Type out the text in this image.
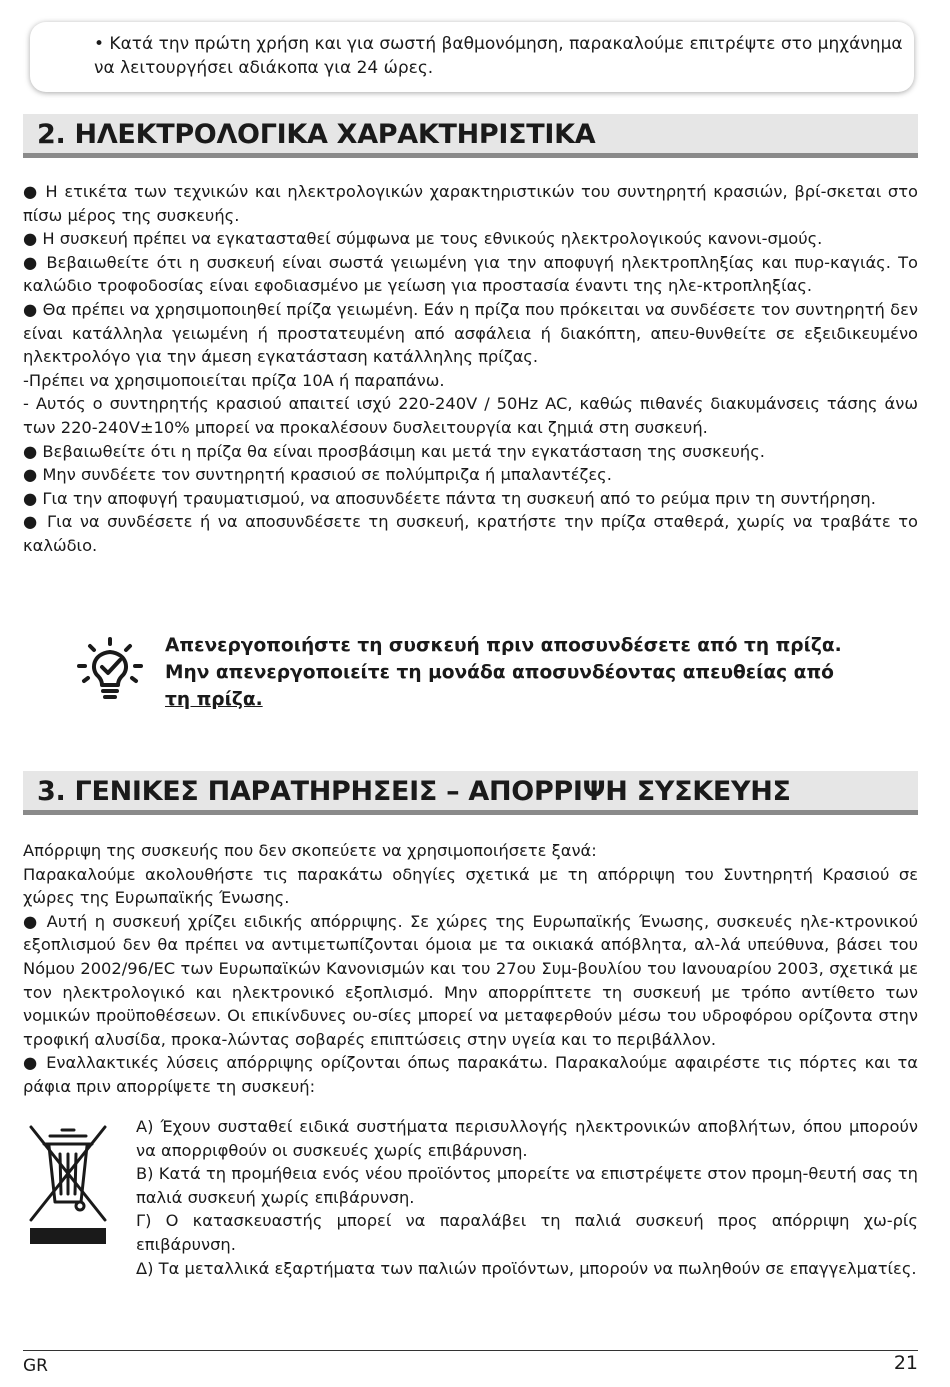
• Κατά την πρώτη χρήση και για σωστή βαθμονόμηση, παρακαλούμε επιτρέψτε στο μηχάνημα να λειτουργήσει αδιάκοπα για 24 ώρες.

2. ΗΛΕΚΤΡΟΛΟΓΙΚΑ ΧΑΡΑΚΤΗΡΙΣΤΙΚΑ

● Η ετικέτα των τεχνικών και ηλεκτρολογικών χαρακτηριστικών του συντηρητή κρασιών, βρί-σκεται στο πίσω μέρος της συσκευής.

● Η συσκευή πρέπει να εγκατασταθεί σύμφωνα με τους εθνικούς ηλεκτρολογικούς κανονι-σμούς.

● Βεβαιωθείτε ότι η συσκευή είναι σωστά γειωμένη για την αποφυγή ηλεκτροπληξίας και πυρ-καγιάς. Το καλώδιο τροφοδοσίας είναι εφοδιασμένο με γείωση για προστασία έναντι της ηλε-κτροπληξίας.

● Θα πρέπει να χρησιμοποιηθεί πρίζα γειωμένη. Εάν η πρίζα που πρόκειται να συνδέσετε τον συντηρητή δεν είναι κατάλληλα γειωμένη ή προστατευμένη από ασφάλεια ή διακόπτη, απευ-θυνθείτε σε εξειδικευμένο ηλεκτρολόγο για την άμεση εγκατάσταση κατάλληλης πρίζας.

-Πρέπει να χρησιμοποιείται πρίζα 10A ή παραπάνω.

- Αυτός ο συντηρητής κρασιού απαιτεί ισχύ 220-240V / 50Hz AC, καθώς πιθανές διακυμάνσεις τάσης άνω των 220-240V±10% μπορεί να προκαλέσουν δυσλειτουργία και ζημιά στη συσκευή.

● Βεβαιωθείτε ότι η πρίζα θα είναι προσβάσιμη και μετά την εγκατάσταση της συσκευής.

● Μην συνδέετε τον συντηρητή κρασιού σε πολύμπριζα ή μπαλαντέζες.

● Για την αποφυγή τραυματισμού, να αποσυνδέετε πάντα τη συσκευή από το ρεύμα πριν τη συντήρηση.

● Για να συνδέσετε ή να αποσυνδέσετε τη συσκευή, κρατήστε την πρίζα σταθερά, χωρίς να τραβάτε το καλώδιο.

Απενεργοποιήστε τη συσκευή πριν αποσυνδέσετε από τη πρίζα.
Μην απενεργοποιείτε τη μονάδα αποσυνδέοντας απευθείας από
τη πρίζα.
3. ΓΕΝΙΚΕΣ ΠΑΡΑΤΗΡΗΣΕΙΣ – ΑΠΟΡΡΙΨΗ ΣΥΣΚΕΥΗΣ

Απόρριψη της συσκευής που δεν σκοπεύετε να χρησιμοποιήσετε ξανά:

Παρακαλούμε ακολουθήστε τις παρακάτω οδηγίες σχετικά με τη απόρριψη του Συντηρητή Κρασιού σε χώρες της Ευρωπαϊκής Ένωσης.

● Αυτή η συσκευή χρίζει ειδικής απόρριψης. Σε χώρες της Ευρωπαϊκής Ένωσης, συσκευές ηλε-κτρονικού εξοπλισμού δεν θα πρέπει να αντιμετωπίζονται όμοια με τα οικιακά απόβλητα, αλ-λά υπεύθυνα, βάσει του Νόμου 2002/96/EC των Ευρωπαϊκών Κανονισμών και του 27ου Συμ-βουλίου του Ιανουαρίου 2003, σχετικά με τον ηλεκτρολογικό και ηλεκτρονικό εξοπλισμό. Μην απορρίπτετε τη συσκευή με τρόπο αντίθετο των νομικών προϋποθέσεων. Οι επικίνδυνες ου-σίες μπορεί να μεταφερθούν μέσω του υδροφόρου ορίζοντα στην τροφική αλυσίδα, προκα-λώντας σοβαρές επιπτώσεις στην υγεία και το περιβάλλον.

● Εναλλακτικές λύσεις απόρριψης ορίζονται όπως παρακάτω. Παρακαλούμε αφαιρέστε τις πόρτες και τα ράφια πριν απορρίψετε τη συσκευή:

Α) Έχουν συσταθεί ειδικά συστήματα περισυλλογής ηλεκτρονικών αποβλήτων, όπου μπορούν να απορριφθούν οι συσκευές χωρίς επιβάρυνση.

Β) Κατά τη προμήθεια ενός νέου προϊόντος μπορείτε να επιστρέψετε στον προμη-θευτή σας τη παλιά συσκευή χωρίς επιβάρυνση.

Γ) Ο κατασκευαστής μπορεί να παραλάβει τη παλιά συσκευή προς απόρριψη χω-ρίς επιβάρυνση.

Δ) Τα μεταλλικά εξαρτήματα των παλιών προϊόντων, μπορούν να πωληθούν σε επαγγελματίες.

GR	21
